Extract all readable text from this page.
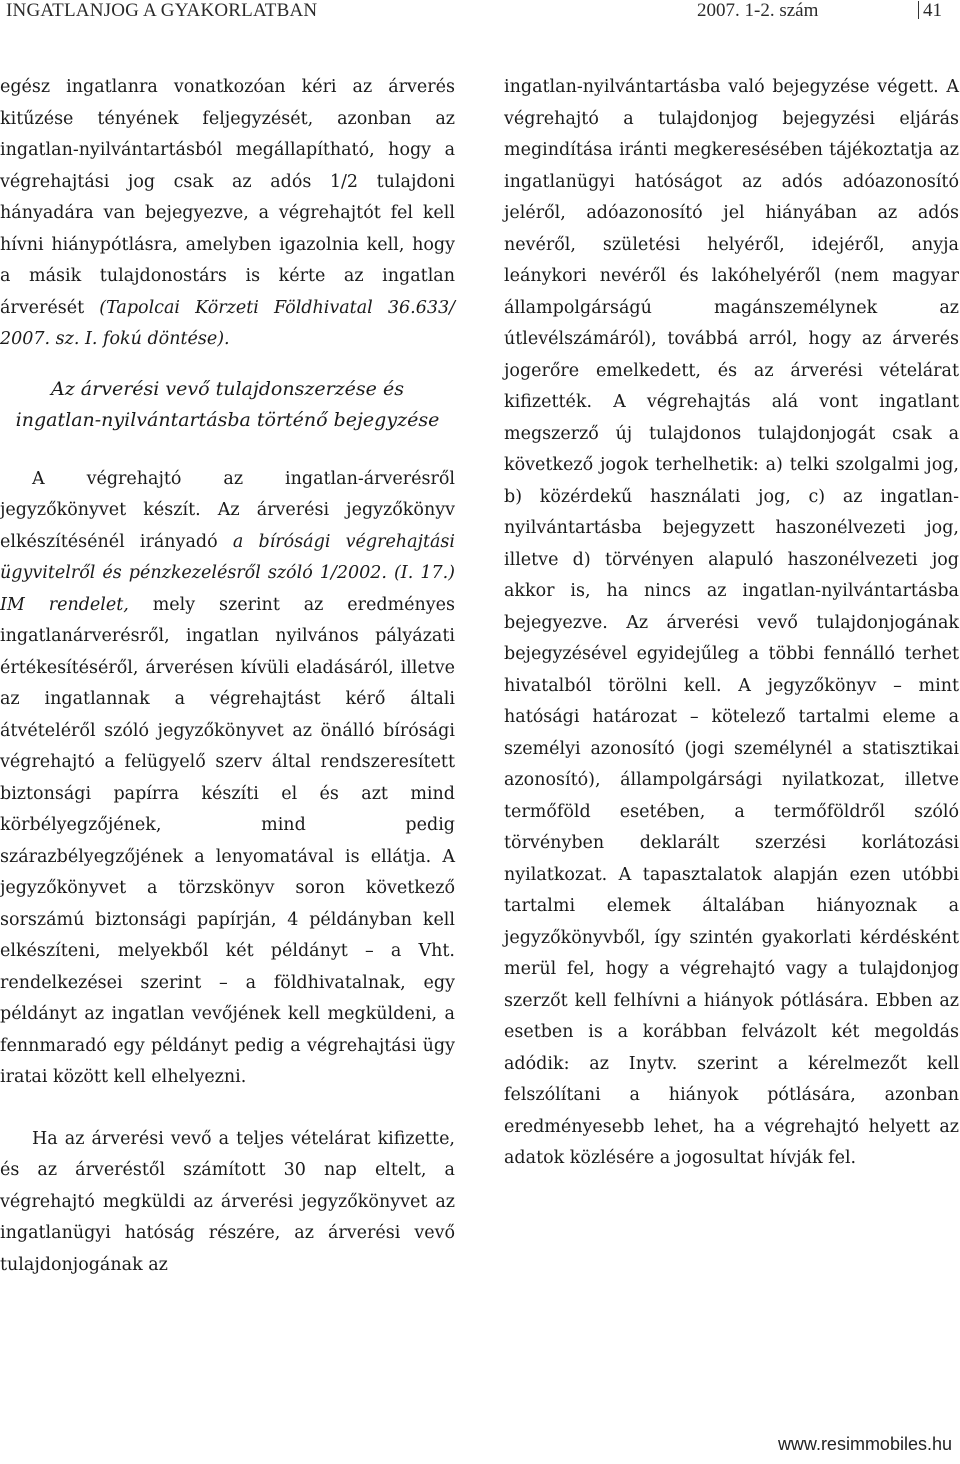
INGATLANJOG A GYAKORLATBAN	2007. 1-2. szám	41

egész ingatlanra vonatkozóan kéri az árverés kitűzése tényének feljegyzését, azonban az ingatlan-nyilvántartásból megállapítható, hogy a végrehajtási jog csak az adós 1/2 tulajdoni hányadára van bejegyezve, a végrehajtót fel kell hívni hiánypótlásra, amelyben igazolnia kell, hogy a másik tulajdonostárs is kérte az ingatlan árverését (Tapolcai Körzeti Földhivatal 36.633/ 2007. sz. I. fokú döntése).

Az árverési vevő tulajdonszerzése és ingatlan-nyilvántartásba történő bejegyzése

A végrehajtó az ingatlan-árverésről jegyzőkönyvet készít. Az árverési jegyzőkönyv elkészítésénél irányadó a bírósági végrehajtási ügyvitelről és pénzkezelésről szóló 1/2002. (I. 17.) IM rendelet, mely szerint az eredményes ingatlanárverésről, ingatlan nyilvános pályázati értékesítéséről, árverésen kívüli eladásáról, illetve az ingatlannak a végrehajtást kérő általi átvételéről szóló jegyzőkönyvet az önálló bírósági végrehajtó a felügyelő szerv által rendszeresített biztonsági papírra készíti el és azt mind körbélyegzőjének, mind pedig szárazbélyegzőjének a lenyomatával is ellátja. A jegyzőkönyvet a törzskönyv soron következő sorszámú biztonsági papírján, 4 példányban kell elkészíteni, melyekből két példányt – a Vht. rendelkezései szerint – a földhivatalnak, egy példányt az ingatlan vevőjének kell megküldeni, a fennmaradó egy példányt pedig a végrehajtási ügy iratai között kell elhelyezni.

Ha az árverési vevő a teljes vételárat kifizette, és az árveréstől számított 30 nap eltelt, a végrehajtó megküldi az árverési jegyzőkönyvet az ingatlanügyi hatóság részére, az árverési vevő tulajdonjogának az

ingatlan-nyilvántartásba való bejegyzése végett. A végrehajtó a tulajdonjog bejegyzési eljárás megindítása iránti megkeresésében tájékoztatja az ingatlanügyi hatóságot az adós adóazonosító jeléről, adóazonosító jel hiányában az adós nevéről, születési helyéről, idejéről, anyja leánykori nevéről és lakóhelyéről (nem magyar állampolgárságú magánszemélynek az útlevélszámáról), továbbá arról, hogy az árverés jogerőre emelkedett, és az árverési vételárat kifizették. A végrehajtás alá vont ingatlant megszerző új tulajdonos tulajdonjogát csak a következő jogok terhelhetik: a) telki szolgalmi jog, b) közérdekű használati jog, c) az ingatlan-nyilvántartásba bejegyzett haszonélvezeti jog, illetve d) törvényen alapuló haszonélvezeti jog akkor is, ha nincs az ingatlan-nyilvántartásba bejegyezve. Az árverési vevő tulajdonjogának bejegyzésével egyidejűleg a többi fennálló terhet hivatalból törölni kell. A jegyzőkönyv – mint hatósági határozat – kötelező tartalmi eleme a személyi azonosító (jogi személynél a statisztikai azonosító), állampolgársági nyilatkozat, illetve termőföld esetében, a termőföldről szóló törvényben deklarált szerzési korlátozási nyilatkozat. A tapasztalatok alapján ezen utóbbi tartalmi elemek általában hiányoznak a jegyzőkönyvből, így szintén gyakorlati kérdésként merül fel, hogy a végrehajtó vagy a tulajdonjog szerzőt kell felhívni a hiányok pótlására. Ebben az esetben is a korábban felvázolt két megoldás adódik: az Inytv. szerint a kérelmezőt kell felszólítani a hiányok pótlására, azonban eredményesebb lehet, ha a végrehajtó helyett az adatok közlésére a jogosultat hívják fel.

www.resimmobiles.hu
